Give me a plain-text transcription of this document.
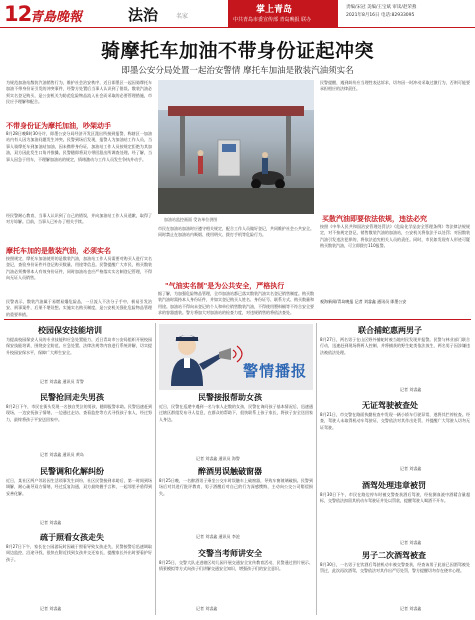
12
青島晚報	法治	名家
掌上青岛
中共青岛市委宣传部 青岛晚报 联办
责编/宋冠 美编/王宝斌 审读/赵荣燕
2021年8月16日 电话:82933095
骑摩托车加油不带身份证起冲突
即墨公安分局处置一起治安警情 摩托车加油是散装汽油须实名
为规范加油站散装汽油销售行为，维护社会治安秩序，近日即墨区一起因骑摩托车加油不带身份证引发的冲突事件，经警方处置后当事人认识到了错误。散装汽油必须实名登记购买，是公安机关为防范危险物品流入社会而采取的必要管理措施，市民应予理解和配合。
不带身份证为摩托加油，吵架动手
8月28日晚8时30分许，即墨公安分局经济开发区派出所接到报警，称辖区一加油站内有人因为加油问题发生冲突。民警到场后发现，报警人为加油站工作人员，当事人骑摩托车到加油站加油，因未携带身份证，加油站工作人员按规定拒绝为其加油，双方因此发生口角并推搡。民警随即将双方带回派出所调查处理。经了解，当事人因急于用车，不理解加油站的规定，情绪激动与工作人员发生争执并动手。
经民警耐心教育，当事人认识到了自己的错误，并向加油站工作人员道歉，取得了对方谅解。目前，当事人已补办了相关手续。
摩托车加的是散装汽油，必须实名
按照规定，摩托车加油使用的是散装汽油，加油站工作人员需要对购买人进行实名登记，查验身份证件并登记购买数量、用途等信息。民警提醒广大市民，购买散装汽油必须携带本人有效身份证件，同时加油站也应严格落实实名制登记管理，不得向无证人员销售。
民警表示，散装汽油属于易燃易爆危险品，一旦流入不法分子手中，极易引发治安、刑事案件，后果不堪设想。实施实名购买制度，是公安机关强化危险物品管理的重要举措。
加油站监控画面 受访单位供图
市民在加油站加油时应遵守相关规定，配合工作人员做好登记，共同维护社会公共安全。同时禁止在加油站内吸烟、使用明火、拨打手机等危险行为。
"气油实名制"是为公共安全，严格执行
据了解，为加强危险物品管理，全市加油站都已落实散装汽油实名登记销售制度。购买散装汽油时需持本人身份证件，并如实登记购买人姓名、身份证号、联系方式、购买数量和用途。加油站不得向未登记的个人和单位销售散装汽油，不得使用塑料桶等不符合安全要求的容器盛装。警方将加大对加油站的检查力度，对违规销售的将依法查处。
民警提醒，遇到纠纷应当理性表达诉求，切勿因一时冲动采取过激行为，否则可能要承担相应的法律责任。
买散汽油即要依法依规，违法必究
按照《中华人民共和国治安管理处罚法》《危险化学品安全管理条例》等法律法规规定，对不按规定登记、销售散装汽油的加油站，公安机关将依法予以处罚；对因散装汽油引发违法犯罪的，将依法追究相关人员的责任。同时，市民如发现有人形迹可疑购买散装汽油，可立即拨打110报警。
观海新闻/青岛晚报 记者 刘睿鑫 通讯员 即墨公安
校园保安技能培训
为提高校园保安人员的专业技能和应急处置能力，近日青岛市公安局组织开展校园保安技能培训，围绕安全防范、应急处置、法律法规等内容进行系统讲解，切实提升校园安保水平，保障广大师生安全。
记者 刘睿鑫 通讯员 青警
民警抢回走失男孩
8月2日下午，市民在街头发现一名独自哭泣的男孩，随即报警求助。民警迅速赶到现场，一边安抚孩子情绪，一边通过走访、查看监控等方式寻找孩子家人，经过努力，最终将孩子平安送回家中。
记者 刘睿鑫 通讯员 黄岛
民警调和化解纠纷
近日，某社区两户邻居因生活琐事发生纠纷，社区民警接到求助后，第一时间到场调解，耐心疏导双方情绪，经过反复沟通，双方最终握手言和，一起邻里矛盾得到妥善化解。
记者 刘睿鑫
疏于照看女孩走失
8月27日下午，家长在公园游玩时因疏于照看导致女孩走失，民警接警后迅速调取周边监控，沿途寻找，很快在附近找到女孩并交还家长，提醒家长外出时要看护好孩子。
记者 刘睿鑫
警情播报
民警接报帮助女孩
近日，民警在巡逻中遇到一名与家人走散的女孩，民警在询问孩子基本情况后，迅速通过辖区群组发布寻人信息，在群众的帮助下，很快联系上孩子家长，将孩子安全送回家人身边。
记者 刘睿鑫 通讯员 海警
醉酒男误触破窗器
8月25日晚，一名醉酒男子乘坐公交车时误触车上破窗器，导致车窗玻璃破损。民警到场后对其进行批评教育，男子酒醒后对自己的行为深感懊悔，主动向公交公司赔偿损失。
记者 刘睿鑫 通讯员 李沧
交警当考师讲安全
8月25日，交警大队走进辖区幼儿园开展交通安全宣传教育活动，民警通过图片展示、情景模拟等方式向孩子们讲解交通安全知识，增强孩子们的安全意识。
记者 刘睿鑫
联合捕蛇惠两男子
8月27日，两名男子在山区野外捕蛇时被当地村民发现并报警。民警与林业部门联合行动，迅速赶到现场将两人控制，并将捕获的野生蛇类依法放生，两名男子因涉嫌违法被依法处理。
记者 刘睿鑫
无证驾驶被查处
8月21日，市交警在路面执勤检查中发现一辆小轿车行驶异常，遂将其拦停检查。经查，驾驶人未取得机动车驾驶证，交警依法对其作出处罚，并提醒广大驾驶人切勿无证驾驶。
记者 刘睿鑫
酒驾处理违章被罚
8月30日下午，市民在路边停车时被交警查获酒后驾驶，经检测血液中酒精含量超标，交警依法扣留其机动车驾驶证并处以罚款，提醒驾驶人喝酒不开车。
记者 刘睿鑫
男子二次酒驾被查
8月30日，一名男子在饮酒后驾驶机动车被交警查获，经查该男子此前已因酒驾被处罚过，此次再次酒驾，交警依法对其作出严厉处罚，警方提醒切勿存在侥幸心理。
记者 刘睿鑫
